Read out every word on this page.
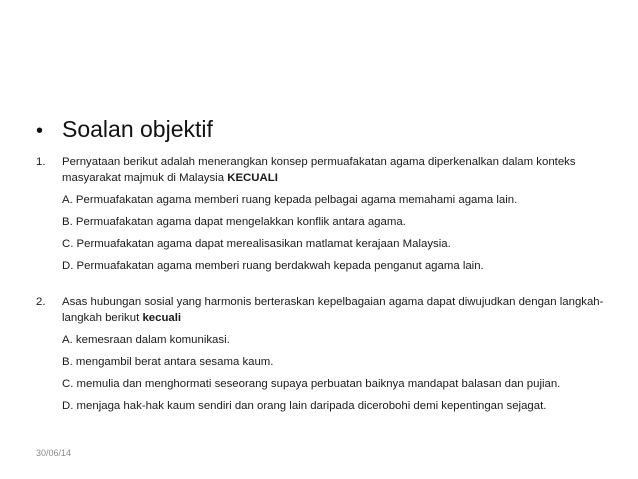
• Soalan objektif
1.	Pernyataan berikut adalah menerangkan konsep permuafakatan agama diperkenalkan dalam konteks masyarakat majmuk di Malaysia KECUALI

A. Permuafakatan agama memberi ruang kepada pelbagai agama memahami agama lain.
B. Permuafakatan agama dapat mengelakkan konflik antara agama.
C. Permuafakatan agama dapat merealisasikan matlamat kerajaan Malaysia.
D. Permuafakatan agama memberi ruang berdakwah kepada penganut agama lain.
2.	Asas hubungan sosial yang harmonis berteraskan kepelbagaian agama dapat diwujudkan dengan langkah-langkah berikut kecuali

A. kemesraan dalam komunikasi.
B. mengambil berat antara sesama kaum.
C. memulia dan menghormati seseorang supaya perbuatan baiknya mandapat balasan dan pujian.
D. menjaga hak-hak kaum sendiri dan orang lain daripada dicerobohi demi kepentingan sejagat.
30/06/14
